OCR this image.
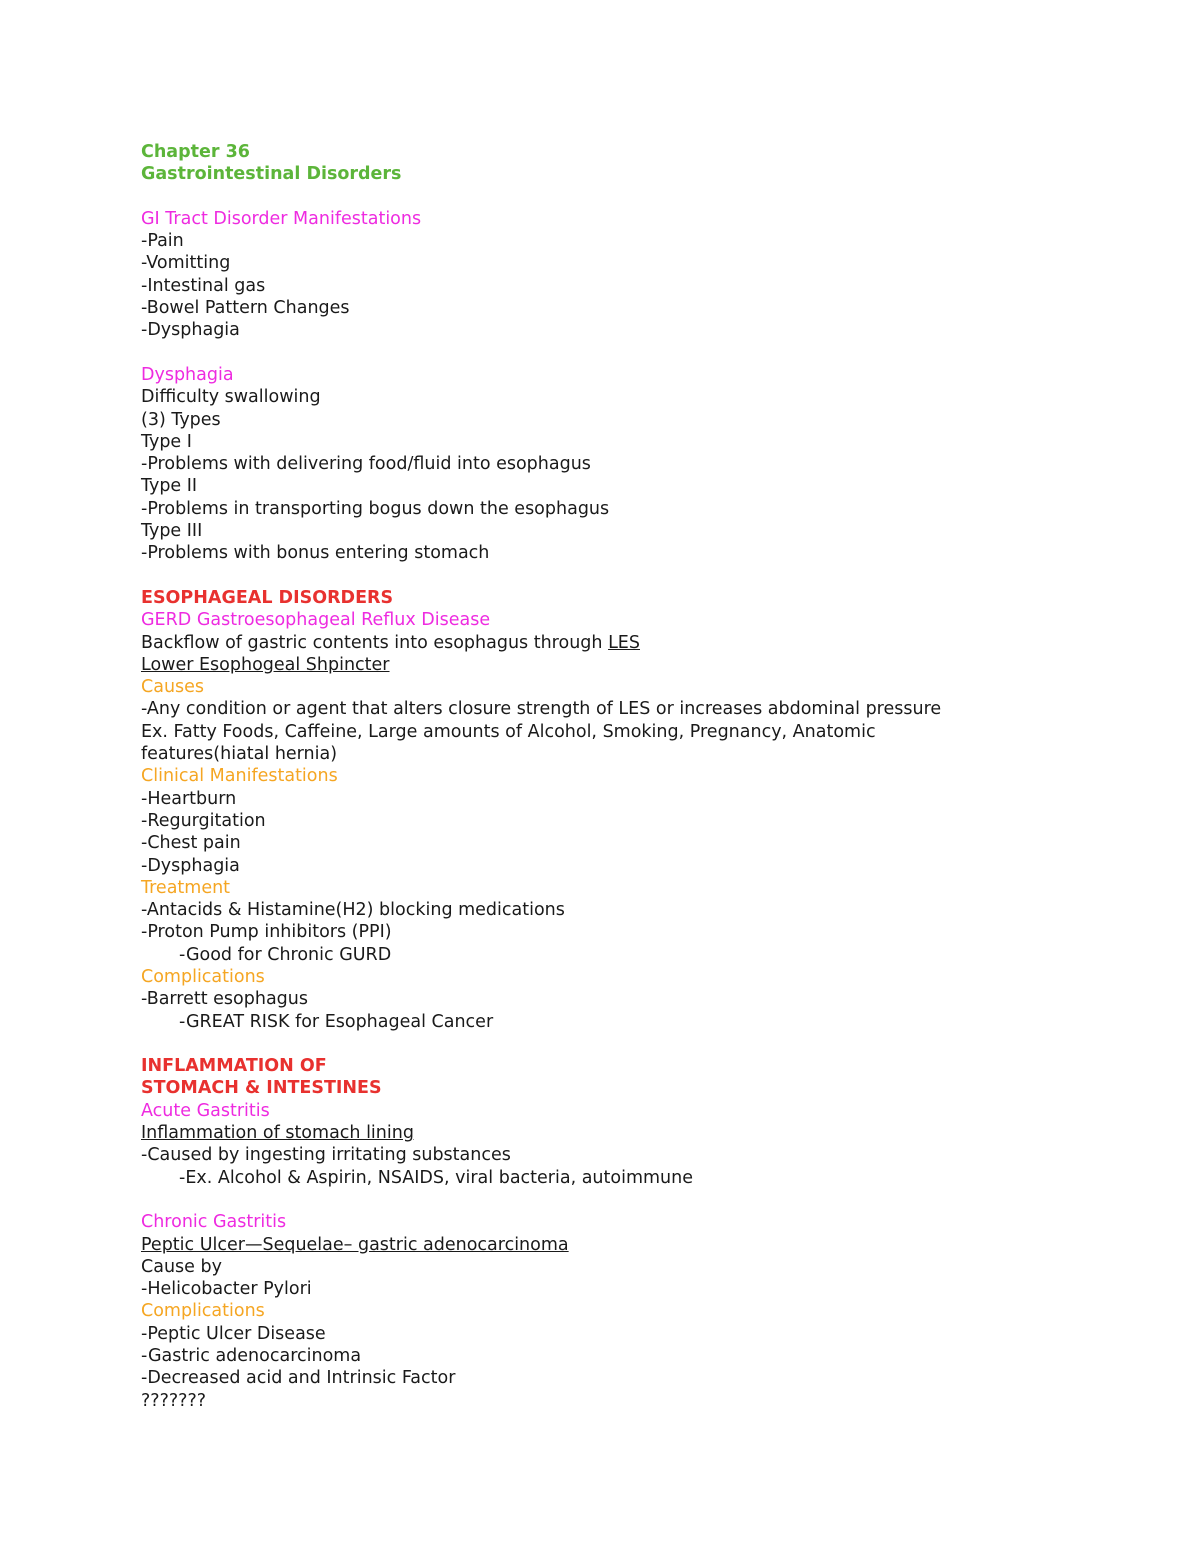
Chapter 36
Gastrointestinal Disorders
GI Tract Disorder Manifestations
-Pain
-Vomitting
-Intestinal gas
-Bowel Pattern Changes
-Dysphagia
Dysphagia
Difficulty swallowing
(3) Types
Type I
-Problems with delivering food/fluid into esophagus
Type II
-Problems in transporting bogus down the esophagus
Type III
-Problems with bonus entering stomach
ESOPHAGEAL DISORDERS
GERD Gastroesophageal Reflux Disease
Backflow of gastric contents into esophagus through LES
Lower Esophogeal Shpincter
Causes
-Any condition or agent that alters closure strength of LES or increases abdominal pressure
Ex. Fatty Foods, Caffeine, Large amounts of Alcohol, Smoking, Pregnancy, Anatomic
features(hiatal hernia)
Clinical Manifestations
-Heartburn
-Regurgitation
-Chest pain
-Dysphagia
Treatment
-Antacids & Histamine(H2) blocking medications
-Proton Pump inhibitors (PPI)
-Good for Chronic GURD
Complications
-Barrett esophagus
-GREAT RISK for Esophageal Cancer
INFLAMMATION OF
STOMACH & INTESTINES
Acute Gastritis
Inflammation of stomach lining
-Caused by ingesting irritating substances
-Ex. Alcohol & Aspirin, NSAIDS, viral bacteria, autoimmune
Chronic Gastritis
Peptic Ulcer—Sequelae– gastric adenocarcinoma
Cause by
-Helicobacter Pylori
Complications
-Peptic Ulcer Disease
-Gastric adenocarcinoma
-Decreased acid and Intrinsic Factor
???????
